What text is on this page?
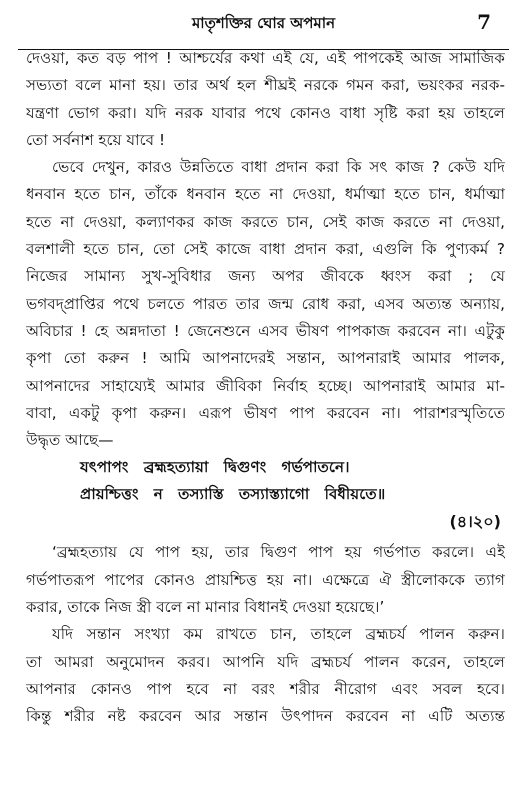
মাতৃশক্তির ঘোর অপমান	7
দেওয়া, কত বড় পাপ ! আশ্চর্যের কথা এই যে, এই পাপকেই আজ সামাজিক
সভ্যতা বলে মানা হয়। তার অর্থ হল শীঘ্রই নরকে গমন করা, ভয়ংকর নরক-
যন্ত্রণা ভোগ করা। যদি নরক যাবার পথে কোনও বাধা সৃষ্টি করা হয় তাহলে
তো সর্বনাশ হয়ে যাবে !
ভেবে দেখুন, কারও উন্নতিতে বাধা প্রদান করা কি সৎ কাজ ? কেউ যদি
ধনবান হতে চান, তাঁকে ধনবান হতে না দেওয়া, ধর্মাত্মা হতে চান, ধর্মাত্মা
হতে না দেওয়া, কল্যাণকর কাজ করতে চান, সেই কাজ করতে না দেওয়া,
বলশালী হতে চান, তো সেই কাজে বাধা প্রদান করা, এগুলি কি পুণ্যকর্ম ?
নিজের সামান্য সুখ-সুবিধার জন্য অপর জীবকে ধ্বংস করা ; যে
ভগবদ্প্রাপ্তির পথে চলতে পারত তার জন্ম রোধ করা, এসব অত্যন্ত অন্যায়,
অবিচার ! হে অন্নদাতা ! জেনেশুনে এসব ভীষণ পাপকাজ করবেন না। এটুকু
কৃপা তো করুন ! আমি আপনাদেরই সন্তান, আপনারাই আমার পালক,
আপনাদের সাহায্যেই আমার জীবিকা নির্বাহ হচ্ছে। আপনারাই আমার মা-
বাবা, একটু কৃপা করুন। এরূপ ভীষণ পাপ করবেন না। পারাশরস্মৃতিতে
উদ্ধৃত আছে—
যৎপাপং ব্রহ্মহত্যায়া দ্বিগুণং গর্ভপাতনে।
প্রায়শ্চিত্তং ন তস্যাস্তি তস্যাস্ত্যাগো বিধীয়তে॥
(৪।২০)
‘ব্রহ্মহত্যায় যে পাপ হয়, তার দ্বিগুণ পাপ হয় গর্ভপাত করলে। এই
গর্ভপাতরূপ পাপের কোনও প্রায়শ্চিত্ত হয় না। এক্ষেত্রে ঐ স্ত্রীলোককে ত্যাগ
করার, তাকে নিজ স্ত্রী বলে না মানার বিধানই দেওয়া হয়েছে।’
যদি সন্তান সংখ্যা কম রাখতে চান, তাহলে ব্রহ্মচর্য পালন করুন।
তা আমরা অনুমোদন করব। আপনি যদি ব্রহ্মচর্য পালন করেন, তাহলে
আপনার কোনও পাপ হবে না বরং শরীর নীরোগ এবং সবল হবে।
কিন্তু শরীর নষ্ট করবেন আর সন্তান উৎপাদন করবেন না এটি অত্যন্ত
